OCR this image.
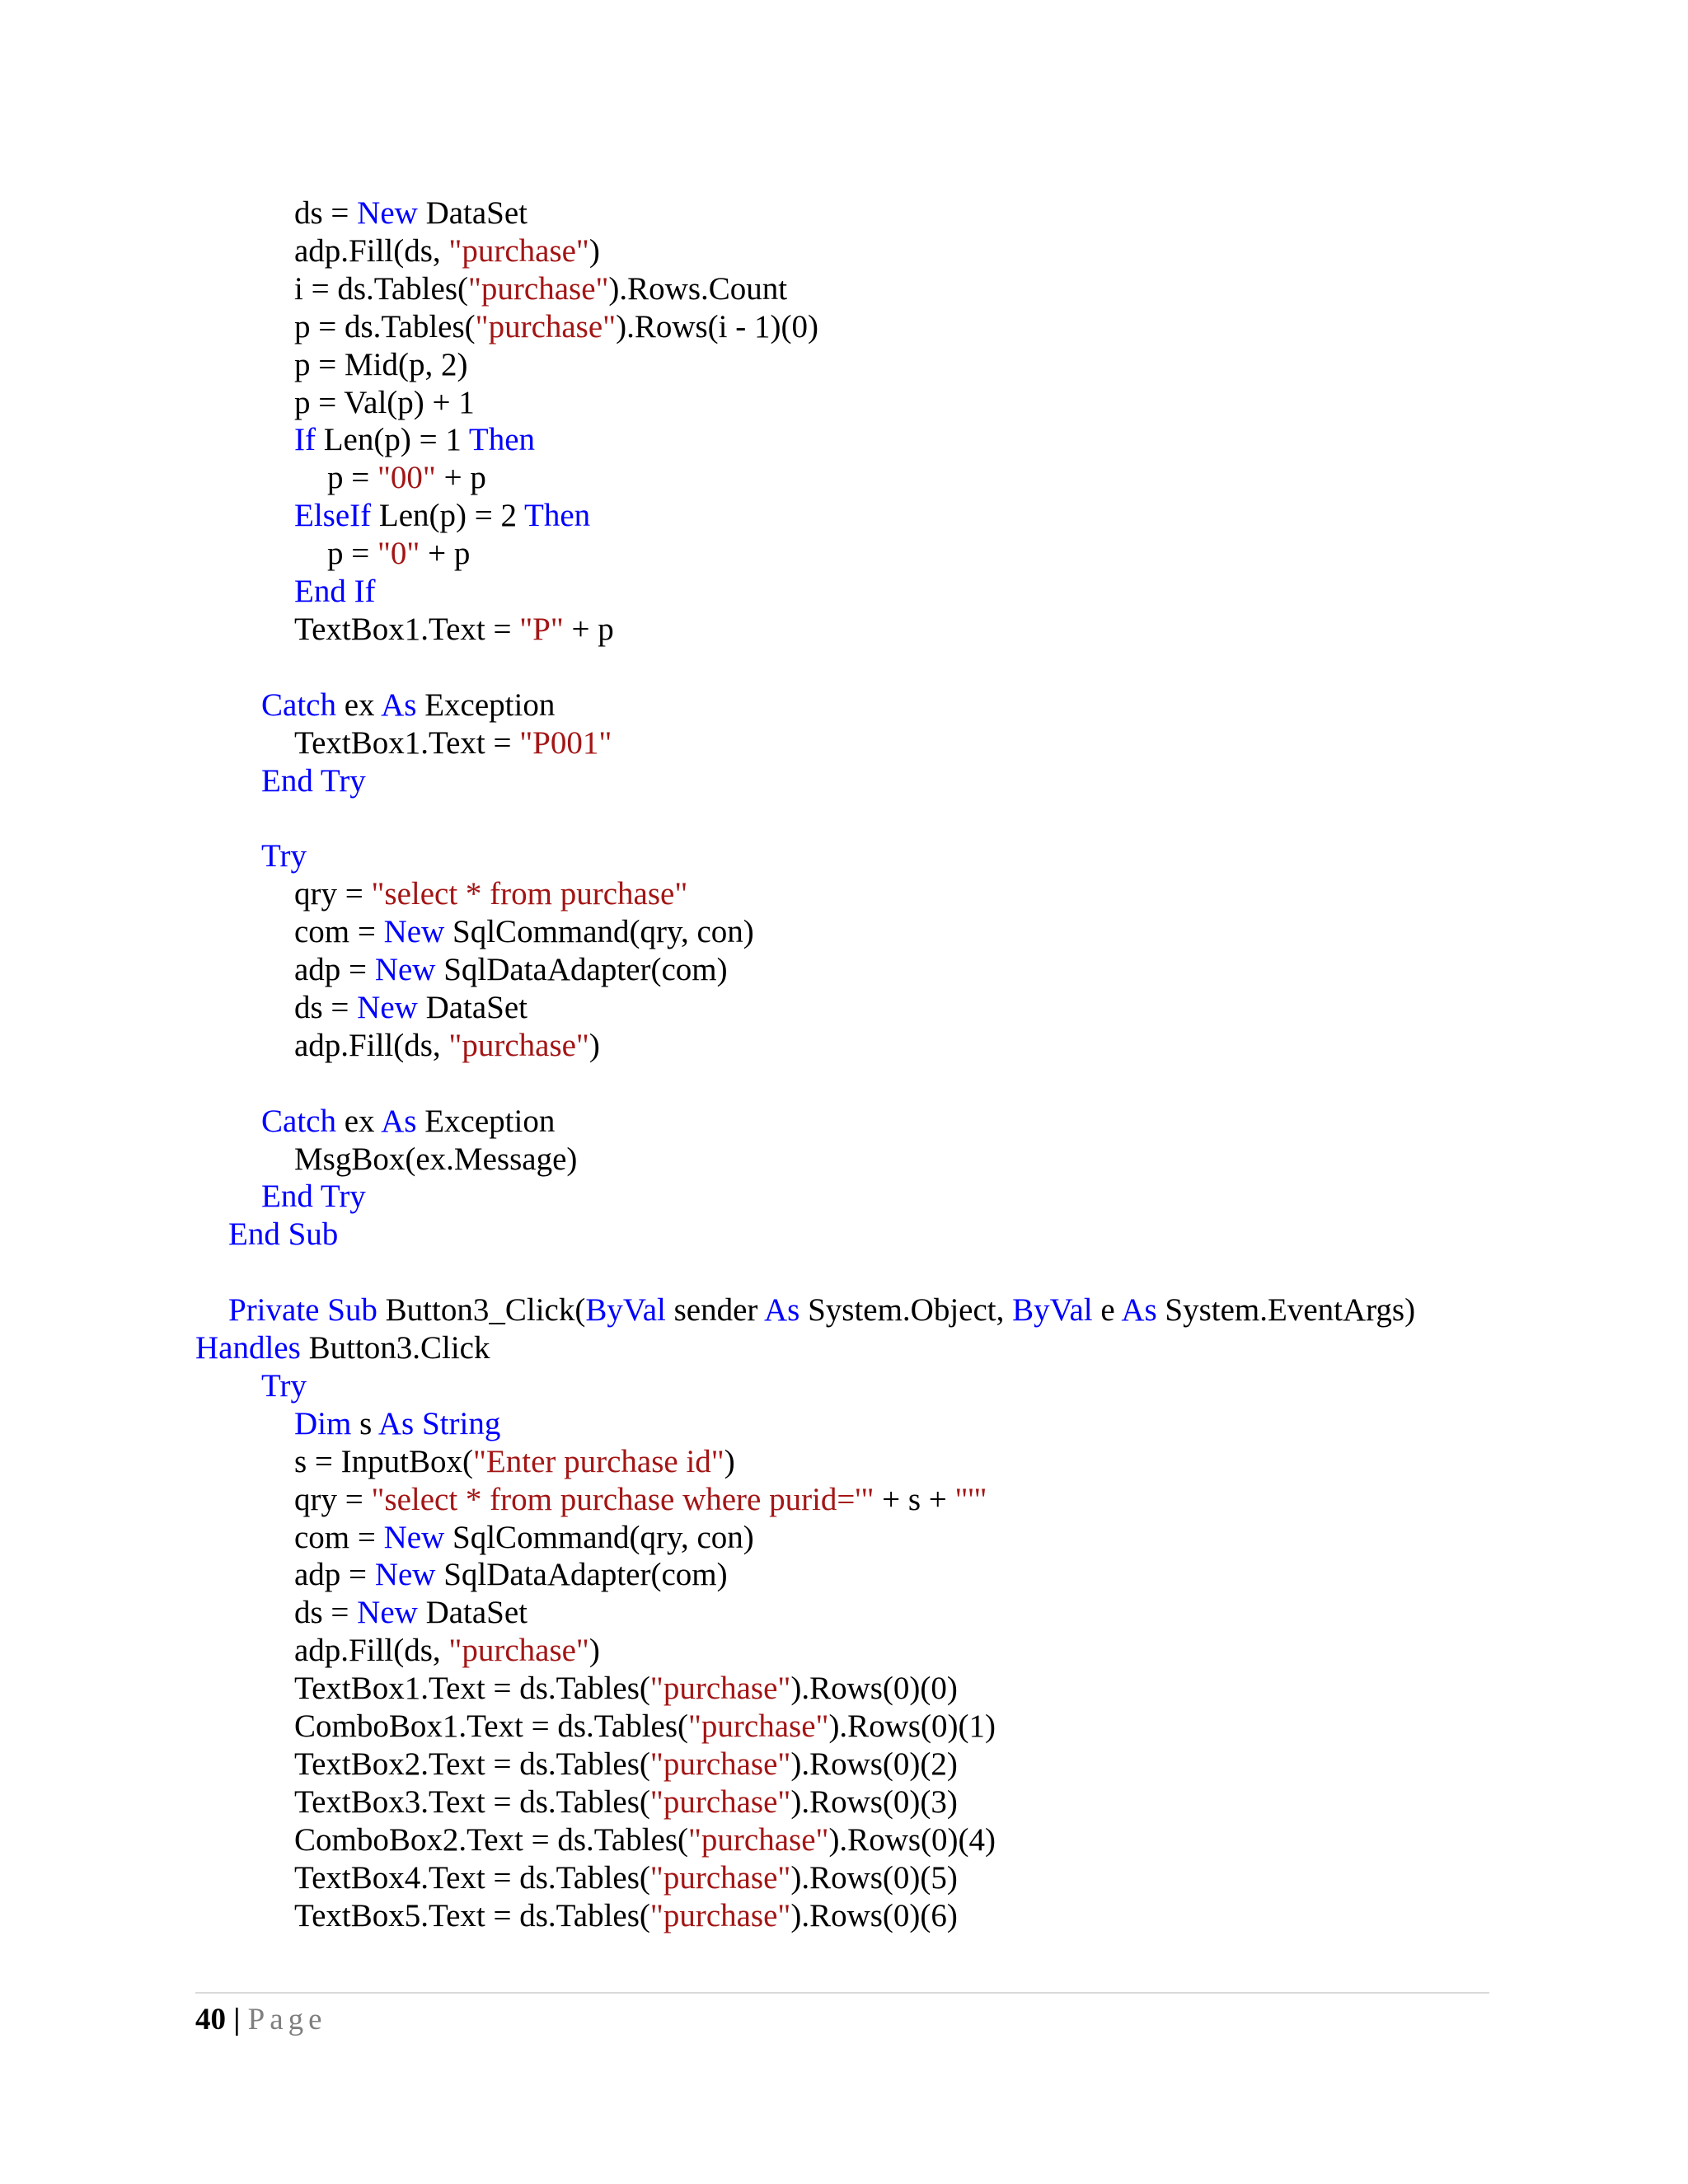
ds = New DataSet
adp.Fill(ds, "purchase")
i = ds.Tables("purchase").Rows.Count
p = ds.Tables("purchase").Rows(i - 1)(0)
p = Mid(p, 2)
p = Val(p) + 1
If Len(p) = 1 Then
p = "00" + p
ElseIf Len(p) = 2 Then
p = "0" + p
End If
TextBox1.Text = "P" + p
Catch ex As Exception
TextBox1.Text = "P001"
End Try
Try
qry = "select * from purchase"
com = New SqlCommand(qry, con)
adp = New SqlDataAdapter(com)
ds = New DataSet
adp.Fill(ds, "purchase")
Catch ex As Exception
MsgBox(ex.Message)
End Try
End Sub
Private Sub Button3_Click(ByVal sender As System.Object, ByVal e As System.EventArgs)
Handles Button3.Click
Try
Dim s As String
s = InputBox("Enter purchase id")
qry = "select * from purchase where purid='" + s + "'"
com = New SqlCommand(qry, con)
adp = New SqlDataAdapter(com)
ds = New DataSet
adp.Fill(ds, "purchase")
TextBox1.Text = ds.Tables("purchase").Rows(0)(0)
ComboBox1.Text = ds.Tables("purchase").Rows(0)(1)
TextBox2.Text = ds.Tables("purchase").Rows(0)(2)
TextBox3.Text = ds.Tables("purchase").Rows(0)(3)
ComboBox2.Text = ds.Tables("purchase").Rows(0)(4)
TextBox4.Text = ds.Tables("purchase").Rows(0)(5)
TextBox5.Text = ds.Tables("purchase").Rows(0)(6)
40 | Page
